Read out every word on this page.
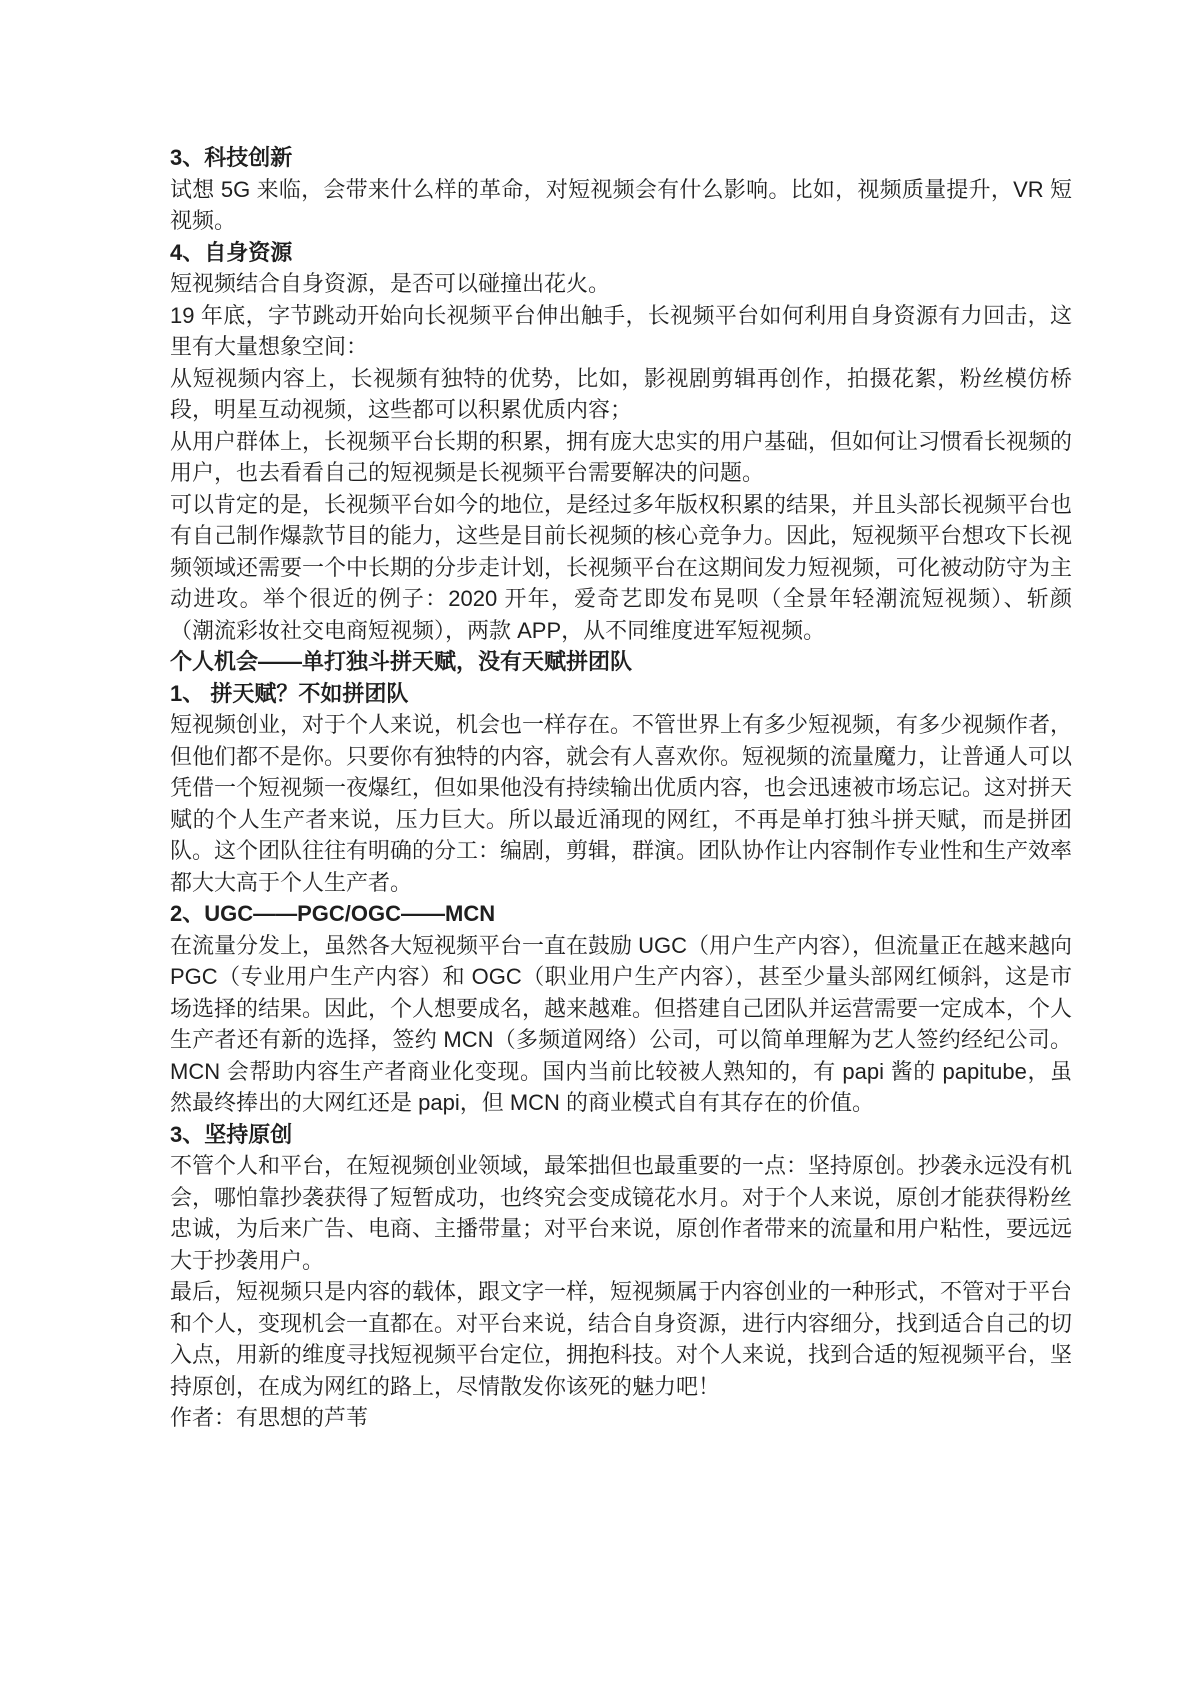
3、科技创新

试想 5G 来临，会带来什么样的革命，对短视频会有什么影响。比如，视频质量提升，VR 短视频。

4、自身资源

短视频结合自身资源，是否可以碰撞出花火。

19 年底，字节跳动开始向长视频平台伸出触手，长视频平台如何利用自身资源有力回击，这里有大量想象空间：

从短视频内容上，长视频有独特的优势，比如，影视剧剪辑再创作，拍摄花絮，粉丝模仿桥段，明星互动视频，这些都可以积累优质内容；

从用户群体上，长视频平台长期的积累，拥有庞大忠实的用户基础，但如何让习惯看长视频的用户，也去看看自己的短视频是长视频平台需要解决的问题。

可以肯定的是，长视频平台如今的地位，是经过多年版权积累的结果，并且头部长视频平台也有自己制作爆款节目的能力，这些是目前长视频的核心竞争力。因此，短视频平台想攻下长视频领域还需要一个中长期的分步走计划，长视频平台在这期间发力短视频，可化被动防守为主动进攻。举个很近的例子：2020 开年，爱奇艺即发布晃呗（全景年轻潮流短视频）、斩颜（潮流彩妆社交电商短视频），两款 APP，从不同维度进军短视频。

个人机会——单打独斗拼天赋，没有天赋拼团队

1、 拼天赋？不如拼团队

短视频创业，对于个人来说，机会也一样存在。不管世界上有多少短视频，有多少视频作者，但他们都不是你。只要你有独特的内容，就会有人喜欢你。短视频的流量魔力，让普通人可以凭借一个短视频一夜爆红，但如果他没有持续输出优质内容，也会迅速被市场忘记。这对拼天赋的个人生产者来说，压力巨大。所以最近涌现的网红，不再是单打独斗拼天赋，而是拼团队。这个团队往往有明确的分工：编剧，剪辑，群演。团队协作让内容制作专业性和生产效率都大大高于个人生产者。

2、UGC——PGC/OGC——MCN

在流量分发上，虽然各大短视频平台一直在鼓励 UGC（用户生产内容），但流量正在越来越向 PGC（专业用户生产内容）和 OGC（职业用户生产内容），甚至少量头部网红倾斜，这是市场选择的结果。因此，个人想要成名，越来越难。但搭建自己团队并运营需要一定成本，个人生产者还有新的选择，签约 MCN（多频道网络）公司，可以简单理解为艺人签约经纪公司。MCN 会帮助内容生产者商业化变现。国内当前比较被人熟知的，有 papi 酱的 papitube，虽然最终捧出的大网红还是 papi，但 MCN 的商业模式自有其存在的价值。

3、坚持原创

不管个人和平台，在短视频创业领域，最笨拙但也最重要的一点：坚持原创。抄袭永远没有机会，哪怕靠抄袭获得了短暂成功，也终究会变成镜花水月。对于个人来说，原创才能获得粉丝忠诚，为后来广告、电商、主播带量；对平台来说，原创作者带来的流量和用户粘性，要远远大于抄袭用户。

最后，短视频只是内容的载体，跟文字一样，短视频属于内容创业的一种形式，不管对于平台和个人，变现机会一直都在。对平台来说，结合自身资源，进行内容细分，找到适合自己的切入点，用新的维度寻找短视频平台定位，拥抱科技。对个人来说，找到合适的短视频平台，坚持原创，在成为网红的路上，尽情散发你该死的魅力吧！

作者：有思想的芦苇
